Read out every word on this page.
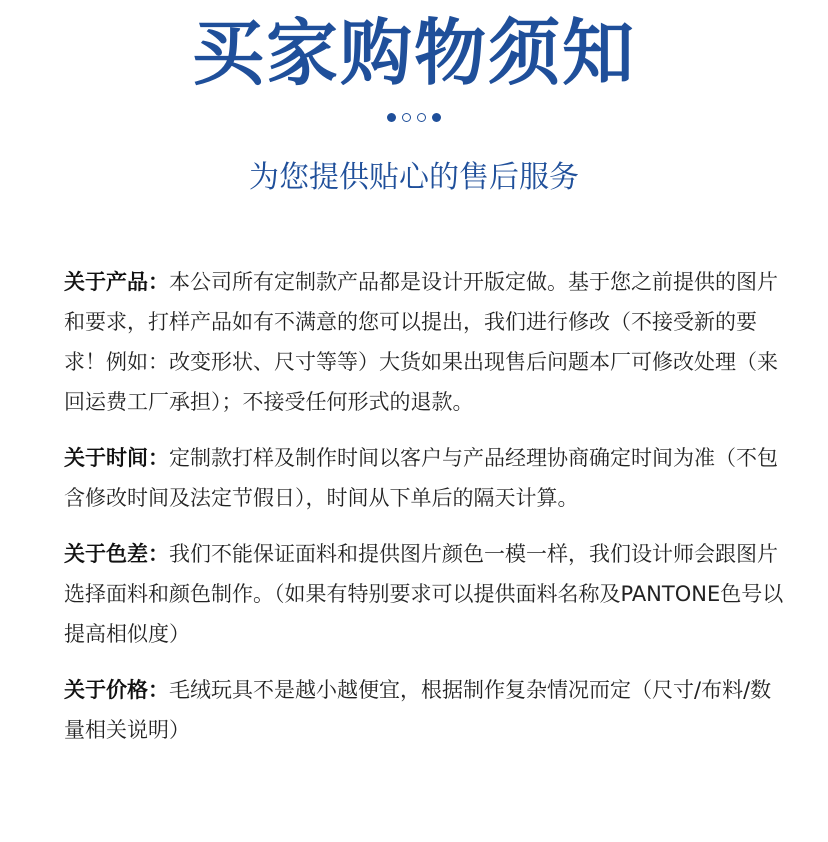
买家购物须知
为您提供贴心的售后服务
关于产品：本公司所有定制款产品都是设计开版定做。基于您之前提供的图片和要求，打样产品如有不满意的您可以提出，我们进行修改（不接受新的要求！例如：改变形状、尺寸等等）大货如果出现售后问题本厂可修改处理（来回运费工厂承担）；不接受任何形式的退款。
关于时间：定制款打样及制作时间以客户与产品经理协商确定时间为准（不包含修改时间及法定节假日），时间从下单后的隔天计算。
关于色差：我们不能保证面料和提供图片颜色一模一样，我们设计师会跟图片选择面料和颜色制作。（如果有特别要求可以提供面料名称及PANTONE色号以提高相似度）
关于价格：毛绒玩具不是越小越便宜，根据制作复杂情况而定（尺寸/布料/数量相关说明）
